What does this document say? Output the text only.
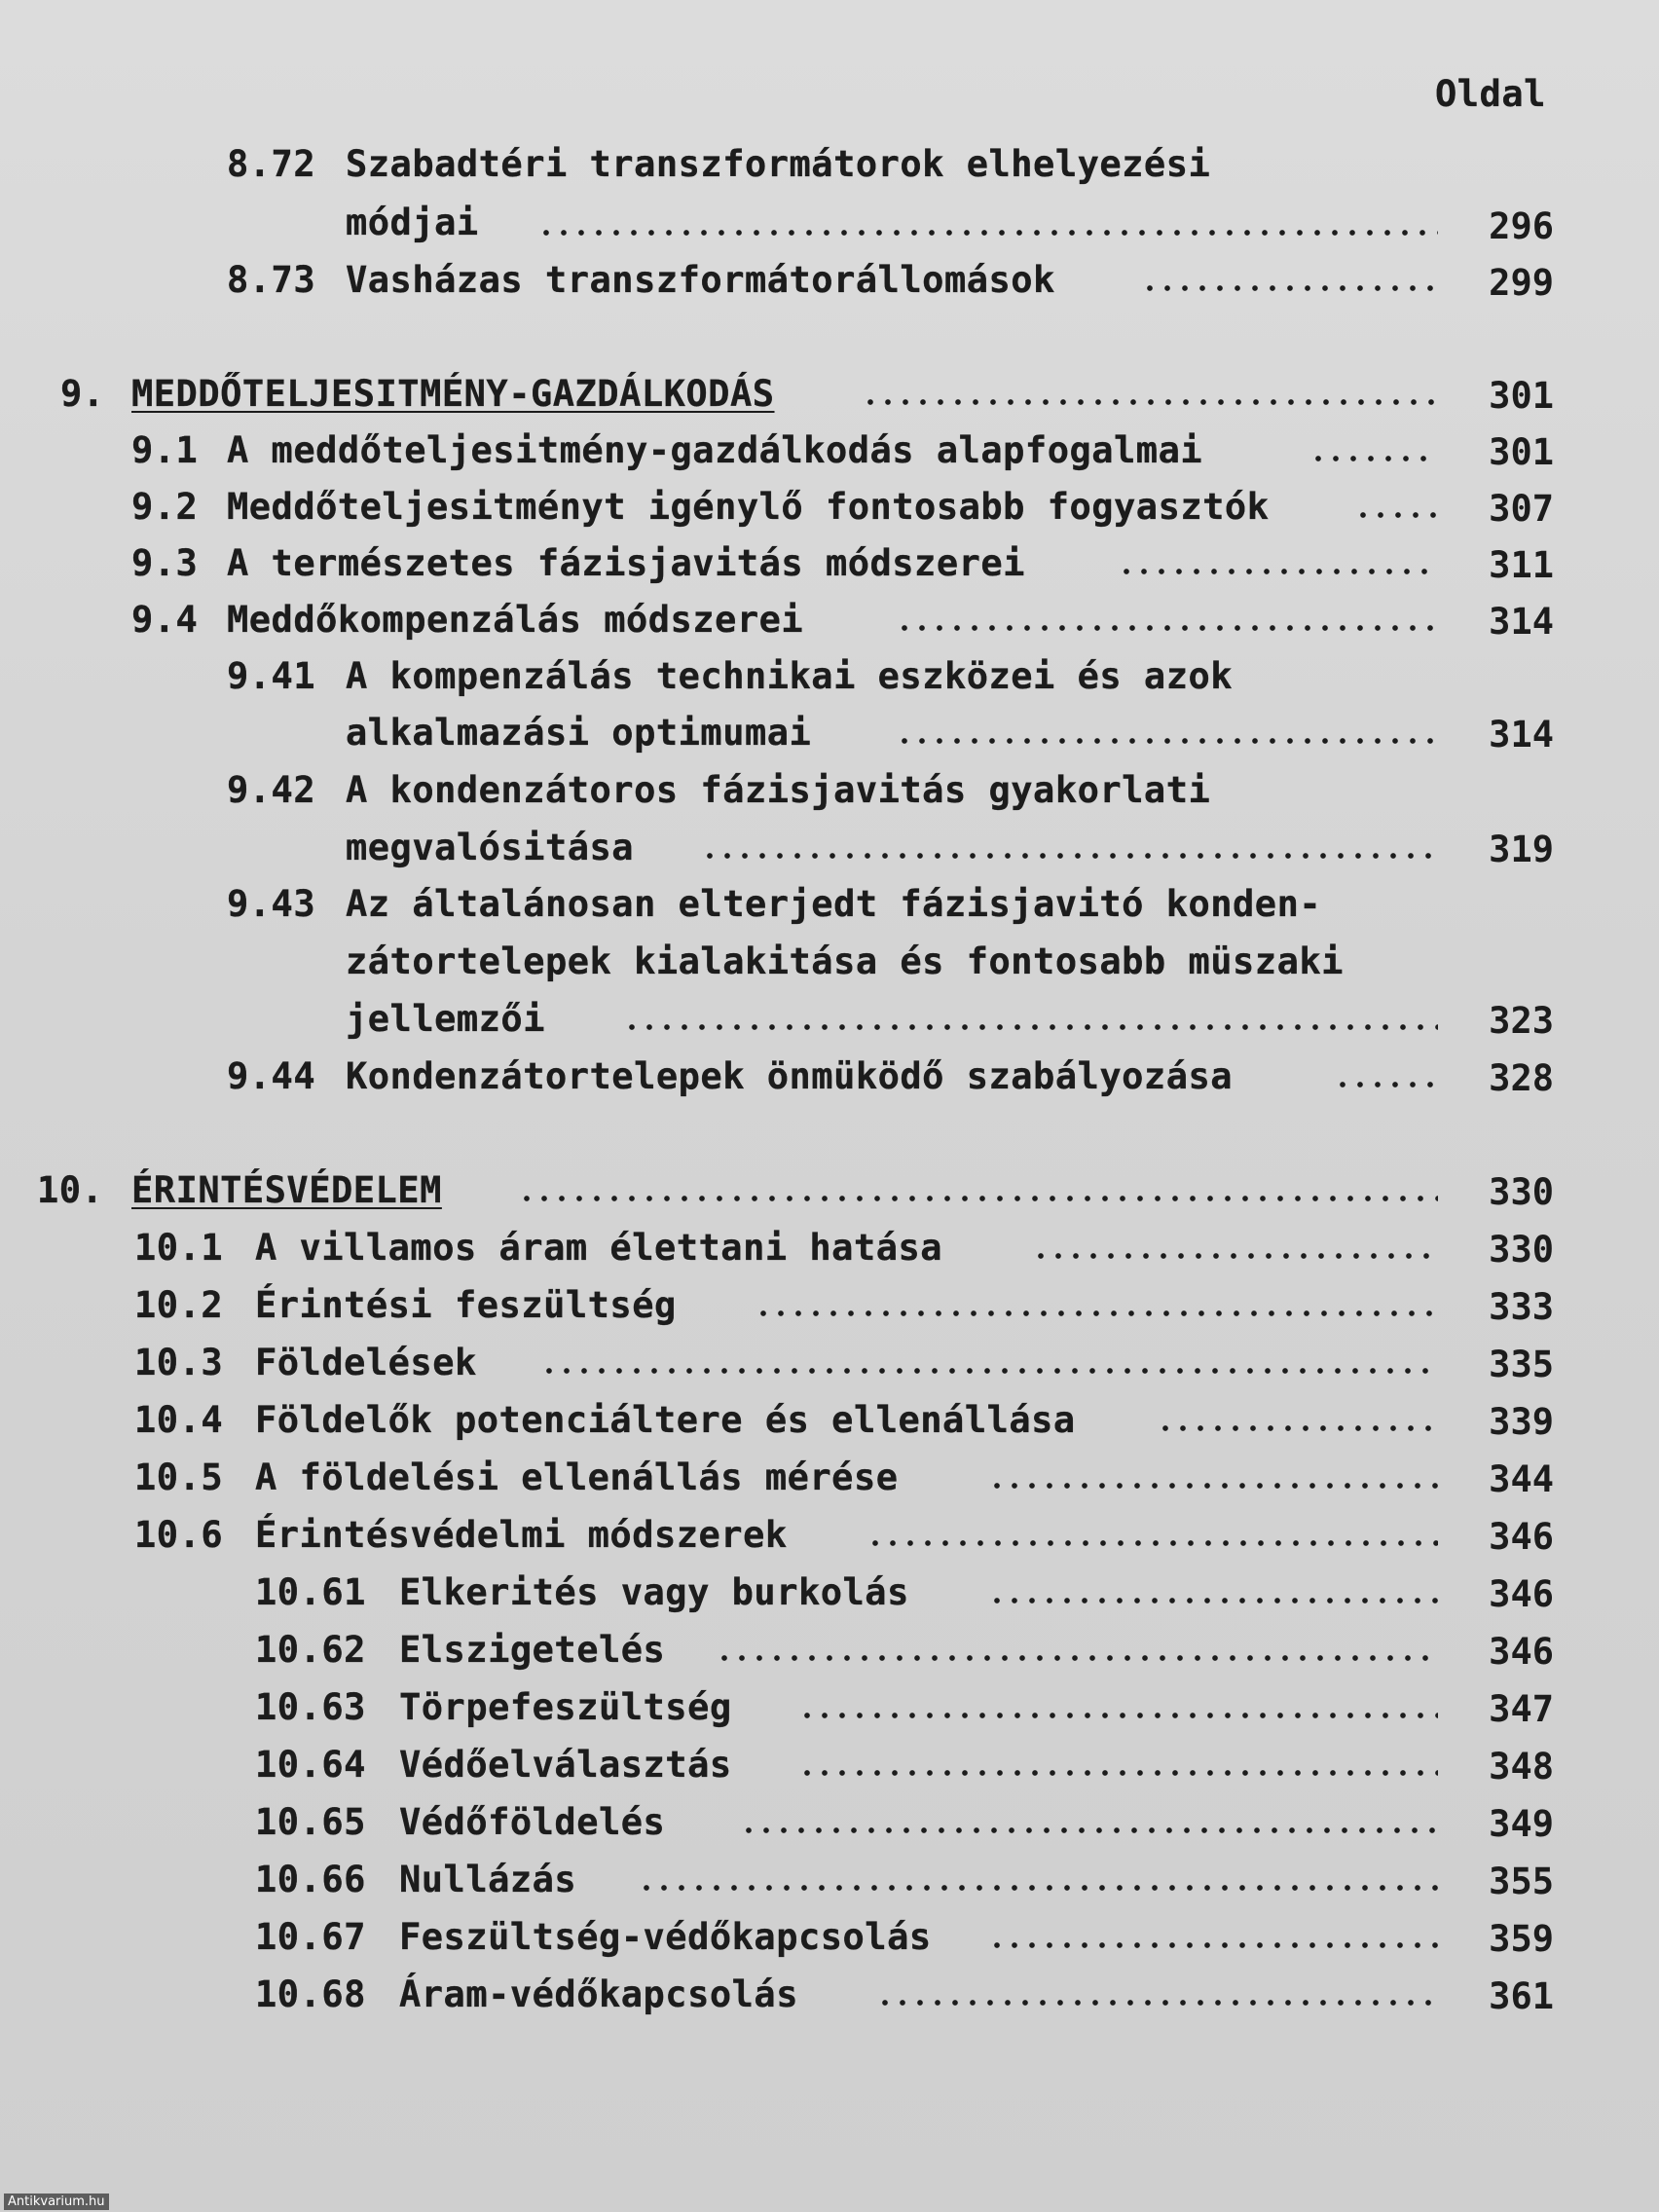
Oldal
8.72 Szabadtéri transzformátorok elhelyezési
módjai	296
8.73 Vasházas transzformátorállomások	299
9. MEDDŐTELJESITMÉNY-GAZDÁLKODÁS	301
9.1 A meddőteljesitmény-gazdálkodás alapfogalmai	301
9.2 Meddőteljesitményt igénylő fontosabb fogyasztók	307
9.3 A természetes fázisjavitás módszerei	311
9.4 Meddőkompenzálás módszerei	314
9.41 A kompenzálás technikai eszközei és azok
alkalmazási optimumai	314
9.42 A kondenzátoros fázisjavitás gyakorlati
megvalósitása	319
9.43 Az általánosan elterjedt fázisjavitó konden-
zátortelepek kialakitása és fontosabb müszaki
jellemzői	323
9.44 Kondenzátortelepek önmüködő szabályozása	328
10. ÉRINTÉSVÉDELEM	330
10.1 A villamos áram élettani hatása	330
10.2 Érintési feszültség	333
10.3 Földelések	335
10.4 Földelők potenciáltere és ellenállása	339
10.5 A földelési ellenállás mérése	344
10.6 Érintésvédelmi módszerek	346
10.61 Elkerités vagy burkolás	346
10.62 Elszigetelés	346
10.63 Törpefeszültség	347
10.64 Védőelválasztás	348
10.65 Védőföldelés	349
10.66 Nullázás	355
10.67 Feszültség-védőkapcsolás	359
10.68 Áram-védőkapcsolás	361
Antikvarium.hu
